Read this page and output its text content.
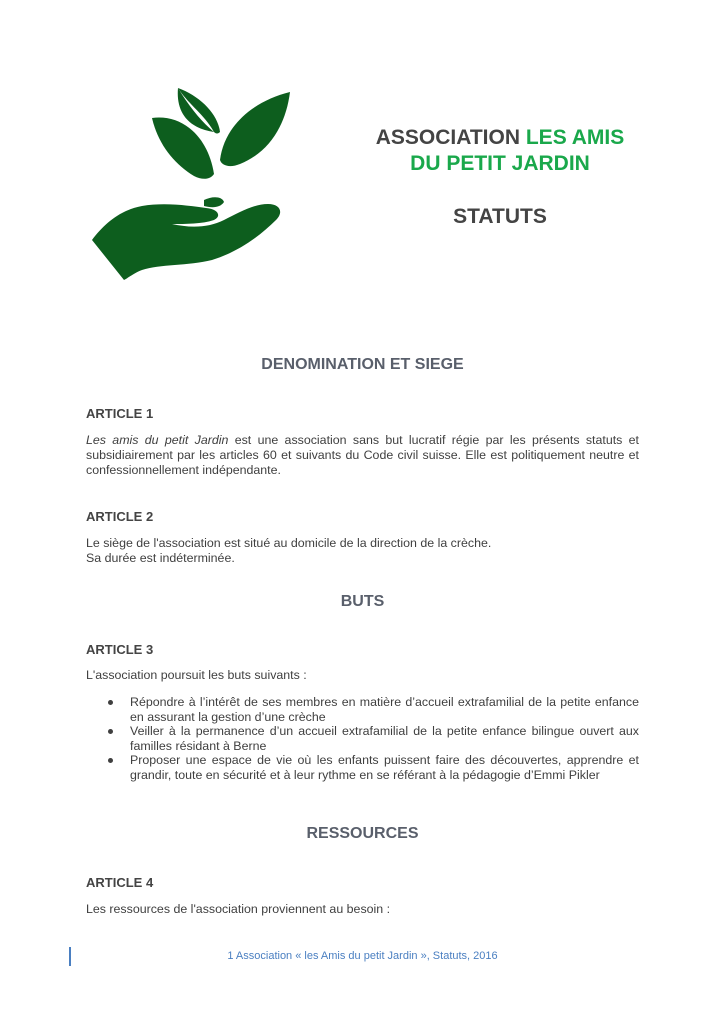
ASSOCIATION LES AMIS
DU PETIT JARDIN
STATUTS
DENOMINATION ET SIEGE
ARTICLE 1
Les amis du petit Jardin est une association sans but lucratif régie par les présents statuts et subsidiairement par les articles 60 et suivants du Code civil suisse. Elle est politiquement neutre et confessionnellement indépendante.
ARTICLE 2
Le siège de l'association est situé au domicile de la direction de la crèche.
Sa durée est indéterminée.
BUTS
ARTICLE 3
L'association poursuit les buts suivants :
Répondre à l’intérêt de ses membres en matière d’accueil extrafamilial de la petite enfance en assurant la gestion d’une crèche
Veiller à la permanence d’un accueil extrafamilial de la petite enfance bilingue ouvert aux familles résidant à Berne
Proposer une espace de vie où les enfants puissent faire des découvertes, apprendre et grandir, toute en sécurité et à leur rythme en se référant à la pédagogie d’Emmi Pikler
RESSOURCES
ARTICLE 4
Les ressources de l'association proviennent au besoin :
1 Association « les Amis du petit Jardin », Statuts, 2016
